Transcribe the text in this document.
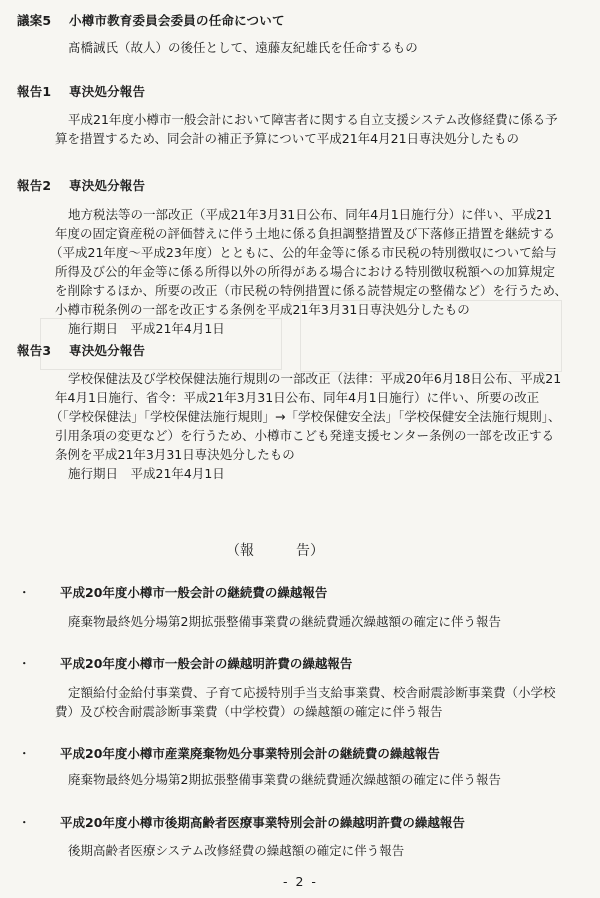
議案5 小樽市教育委員会委員の任命について
髙橋誠氏（故人）の後任として、遠藤友紀雄氏を任命するもの
報告1 専決処分報告
平成21年度小樽市一般会計において障害者に関する自立支援システム改修経費に係る予
算を措置するため、同会計の補正予算について平成21年4月21日専決処分したもの
報告2 専決処分報告
地方税法等の一部改正（平成21年3月31日公布、同年4月1日施行分）に伴い、平成21
年度の固定資産税の評価替えに伴う土地に係る負担調整措置及び下落修正措置を継続する
（平成21年度～平成23年度）とともに、公的年金等に係る市民税の特別徴収について給与
所得及び公的年金等に係る所得以外の所得がある場合における特別徴収税額への加算規定
を削除するほか、所要の改正（市民税の特例措置に係る読替規定の整備など）を行うため、
小樽市税条例の一部を改正する条例を平成21年3月31日専決処分したもの
施行期日　平成21年4月1日
報告3 専決処分報告
学校保健法及び学校保健法施行規則の一部改正（法律：平成20年6月18日公布、平成21
年4月1日施行、省令：平成21年3月31日公布、同年4月1日施行）に伴い、所要の改正
（「学校保健法」「学校保健法施行規則」→「学校保健安全法」「学校保健安全法施行規則」、
引用条項の変更など）を行うため、小樽市こども発達支援センター条例の一部を改正する
条例を平成21年3月31日専決処分したもの
施行期日　平成21年4月1日
（報　　　告）
・ 平成20年度小樽市一般会計の継続費の繰越報告
廃棄物最終処分場第2期拡張整備事業費の継続費逓次繰越額の確定に伴う報告
・ 平成20年度小樽市一般会計の繰越明許費の繰越報告
定額給付金給付事業費、子育て応援特別手当支給事業費、校舎耐震診断事業費（小学校
費）及び校舎耐震診断事業費（中学校費）の繰越額の確定に伴う報告
・ 平成20年度小樽市産業廃棄物処分事業特別会計の継続費の繰越報告
廃棄物最終処分場第2期拡張整備事業費の継続費逓次繰越額の確定に伴う報告
・ 平成20年度小樽市後期高齢者医療事業特別会計の繰越明許費の繰越報告
後期高齢者医療システム改修経費の繰越額の確定に伴う報告
- 2 -
